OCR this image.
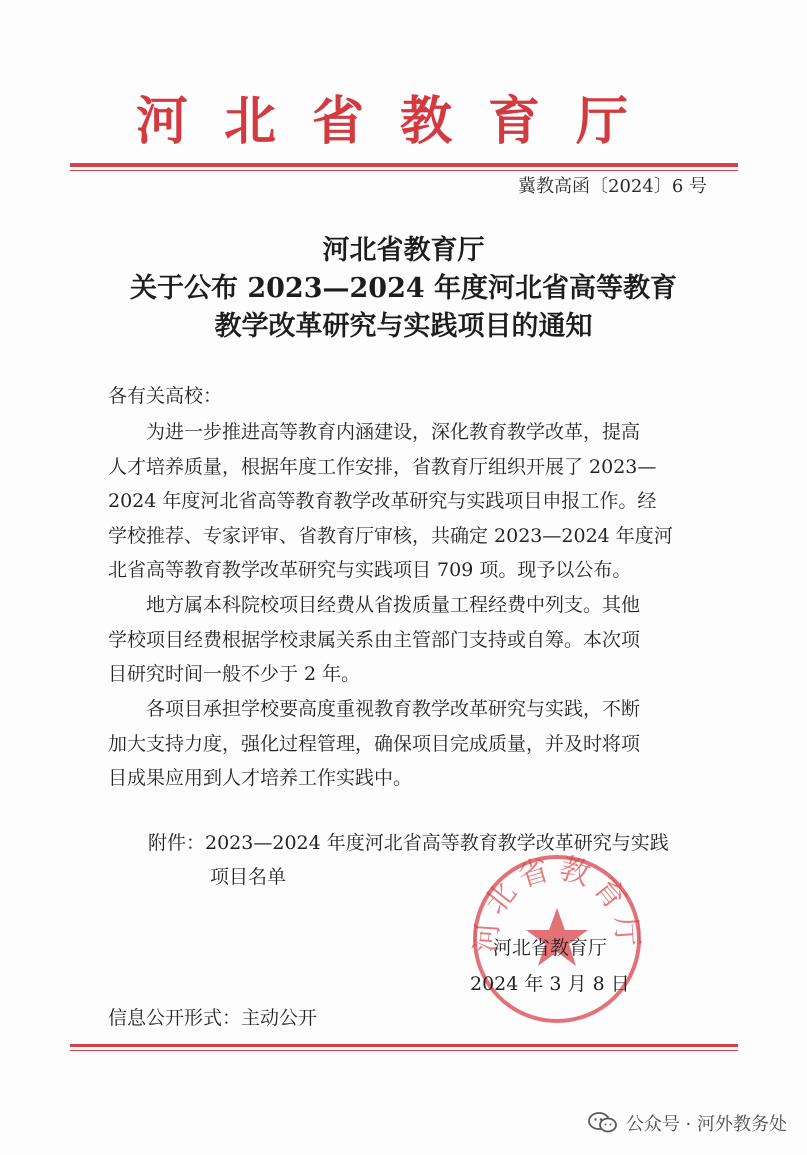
河北省教育厅
冀教高函〔2024〕6 号
河北省教育厅
关于公布 2023—2024 年度河北省高等教育
教学改革研究与实践项目的通知
各有关高校：
为进一步推进高等教育内涵建设，深化教育教学改革，提高
人才培养质量，根据年度工作安排，省教育厅组织开展了 2023—
2024 年度河北省高等教育教学改革研究与实践项目申报工作。经
学校推荐、专家评审、省教育厅审核，共确定 2023—2024 年度河
北省高等教育教学改革研究与实践项目 709 项。现予以公布。
地方属本科院校项目经费从省拨质量工程经费中列支。其他
学校项目经费根据学校隶属关系由主管部门支持或自筹。本次项
目研究时间一般不少于 2 年。
各项目承担学校要高度重视教育教学改革研究与实践，不断
加大支持力度，强化过程管理，确保项目完成质量，并及时将项
目成果应用到人才培养工作实践中。
附件：2023—2024 年度河北省高等教育教学改革研究与实践
项目名单
河北省教育厅
河北省教育厅
2024 年 3 月 8 日
信息公开形式：主动公开
公众号 · 河外教务处
